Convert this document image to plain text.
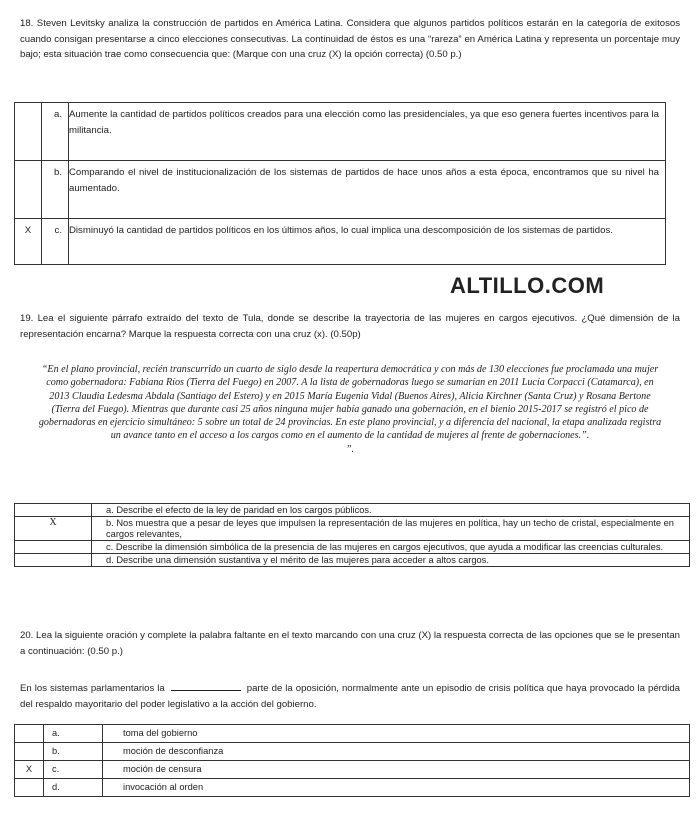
18. Steven Levitsky analiza la construcción de partidos en América Latina. Considera que algunos partidos políticos estarán en la categoría de exitosos cuando consigan presentarse a cinco elecciones consecutivas. La continuidad de éstos es una “rareza” en América Latina y representa un porcentaje muy bajo; esta situación trae como consecuencia que: (Marque con una cruz (X) la opción correcta) (0.50 p.)
	a.	Aumente la cantidad de partidos políticos creados para una elección como las presidenciales, ya que eso genera fuertes incentivos para la militancia.

	b.	Comparando el nivel de institucionalización de los sistemas de partidos de hace unos años a esta época, encontramos que su nivel ha aumentado.

X	c.	Disminuyó la cantidad de partidos políticos en los últimos años, lo cual implica una descomposición de los sistemas de partidos.
ALTILLO.COM
19. Lea el siguiente párrafo extraído del texto de Tula, donde se describe la trayectoria de las mujeres en cargos ejecutivos. ¿Qué dimensión de la representación encarna? Marque la respuesta correcta con una cruz (x). (0.50p)
“En el plano provincial, recién transcurrido un cuarto de siglo desde la reapertura democrática y con más de 130 elecciones fue proclamada una mujer como gobernadora: Fabiana Ríos (Tierra del Fuego) en 2007. A la lista de gobernadoras luego se sumarían en 2011 Lucía Corpacci (Catamarca), en 2013 Claudia Ledesma Abdala (Santiago del Estero) y en 2015 María Eugenia Vidal (Buenos Aires), Alicia Kirchner (Santa Cruz) y Rosana Bertone (Tierra del Fuego). Mientras que durante casi 25 años ninguna mujer había ganado una gobernación, en el bienio 2015-2017 se registró el pico de gobernadoras en ejercicio simultáneo: 5 sobre un total de 24 provincias. En este plano provincial, y a diferencia del nacional, la etapa analizada registra un avance tanto en el acceso a los cargos como en el aumento de la cantidad de mujeres al frente de gobernaciones.”.
”.
	a. Describe el efecto de la ley de paridad en los cargos públicos.
X	b. Nos muestra que a pesar de leyes que impulsen la representación de las mujeres en política, hay un techo de cristal, especialmente en cargos relevantes,
	c. Describe la dimensión simbólica de la presencia de las mujeres en cargos ejecutivos, que ayuda a modificar las creencias culturales.
	d. Describe una dimensión sustantiva y el mérito de las mujeres para acceder a altos cargos.
20. Lea la siguiente oración y complete la palabra faltante en el texto marcando con una cruz (X) la respuesta correcta de las opciones que se le presentan a continuación: (0.50 p.)
En los sistemas parlamentarios la	parte de la oposición, normalmente ante un episodio de crisis política que haya provocado la pérdida del respaldo mayoritario del poder legislativo a la acción del gobierno.
	a.	toma del gobierno
	b.	moción de desconfianza
X	c.	moción de censura
	d.	invocación al orden
